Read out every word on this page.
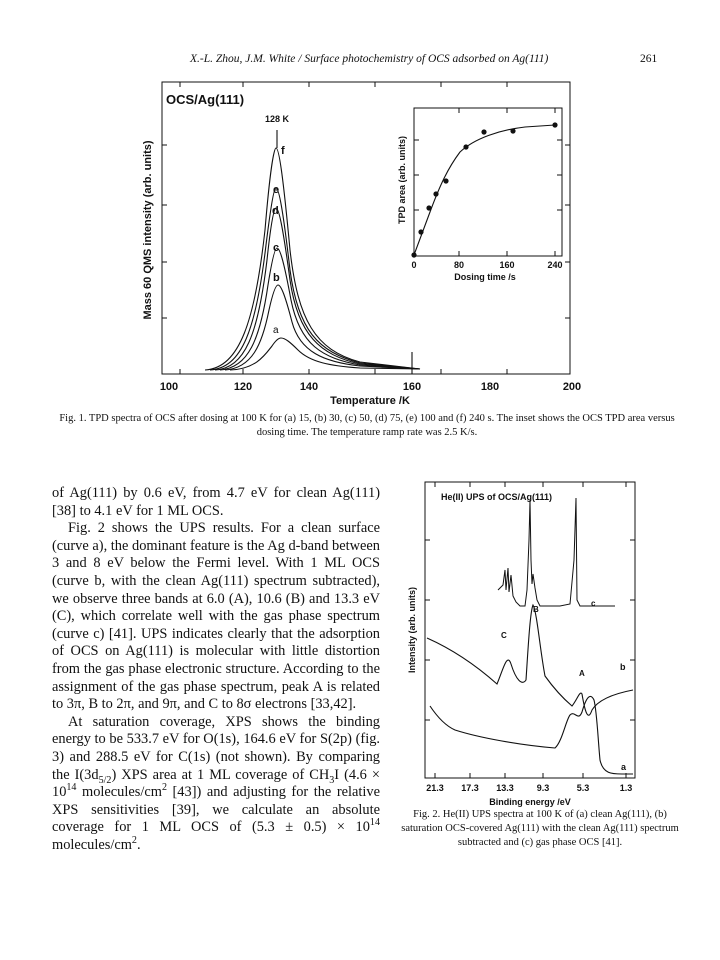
X.-L. Zhou, J.M. White / Surface photochemistry of OCS adsorbed on Ag(111)	261
OCS/Ag(111)
128 K
f
e
d
c
b
a
Mass 60 QMS intensity (arb. units)
100	120	140	160	180	200
Temperature /K
TPD area (arb. units)
0	80	160	240
Dosing time /s
Fig. 1. TPD spectra of OCS after dosing at 100 K for (a) 15, (b) 30, (c) 50, (d) 75, (e) 100 and (f) 240 s. The inset shows the OCS TPD area versus dosing time. The temperature ramp rate was 2.5 K/s.

of Ag(111) by 0.6 eV, from 4.7 eV for clean Ag(111) [38] to 4.1 eV for 1 ML OCS.

Fig. 2 shows the UPS results. For a clean surface (curve a), the dominant feature is the Ag d-band between 3 and 8 eV below the Fermi level. With 1 ML OCS (curve b, with the clean Ag(111) spectrum subtracted), we observe three bands at 6.0 (A), 10.6 (B) and 13.3 eV (C), which correlate well with the gas phase spectrum (curve c) [41]. UPS indicates clearly that the adsorption of OCS on Ag(111) is molecular with little distortion from the gas phase electronic structure. According to the assignment of the gas phase spectrum, peak A is related to 3π, B to 2π, and 9π, and C to 8σ electrons [33,42].

At saturation coverage, XPS shows the binding energy to be 533.7 eV for O(1s), 164.6 eV for S(2p) (fig. 3) and 288.5 eV for C(1s) (not shown). By comparing the $I(3d_{5/2})$ XPS area at 1 ML coverage of $CH_3I$ ($4.6 \times 10^{14}$ molecules/$cm^2$ [43]) and adjusting for the relative XPS sensitivities [39], we calculate an absolute coverage for 1 ML OCS of $(5.3 \pm 0.5) \times 10^{14}$ molecules/$cm^2$.

He(II) UPS of OCS/Ag(111)
Intensity (arb. units)	B
c
C
A
b
a
21.3 17.3 13.3	9.3	5.3	1.3
Binding energy /eV
Fig. 2. He(II) UPS spectra at 100 K of (a) clean Ag(111), (b) saturation OCS-covered Ag(111) with the clean Ag(111) spectrum subtracted and (c) gas phase OCS [41].
